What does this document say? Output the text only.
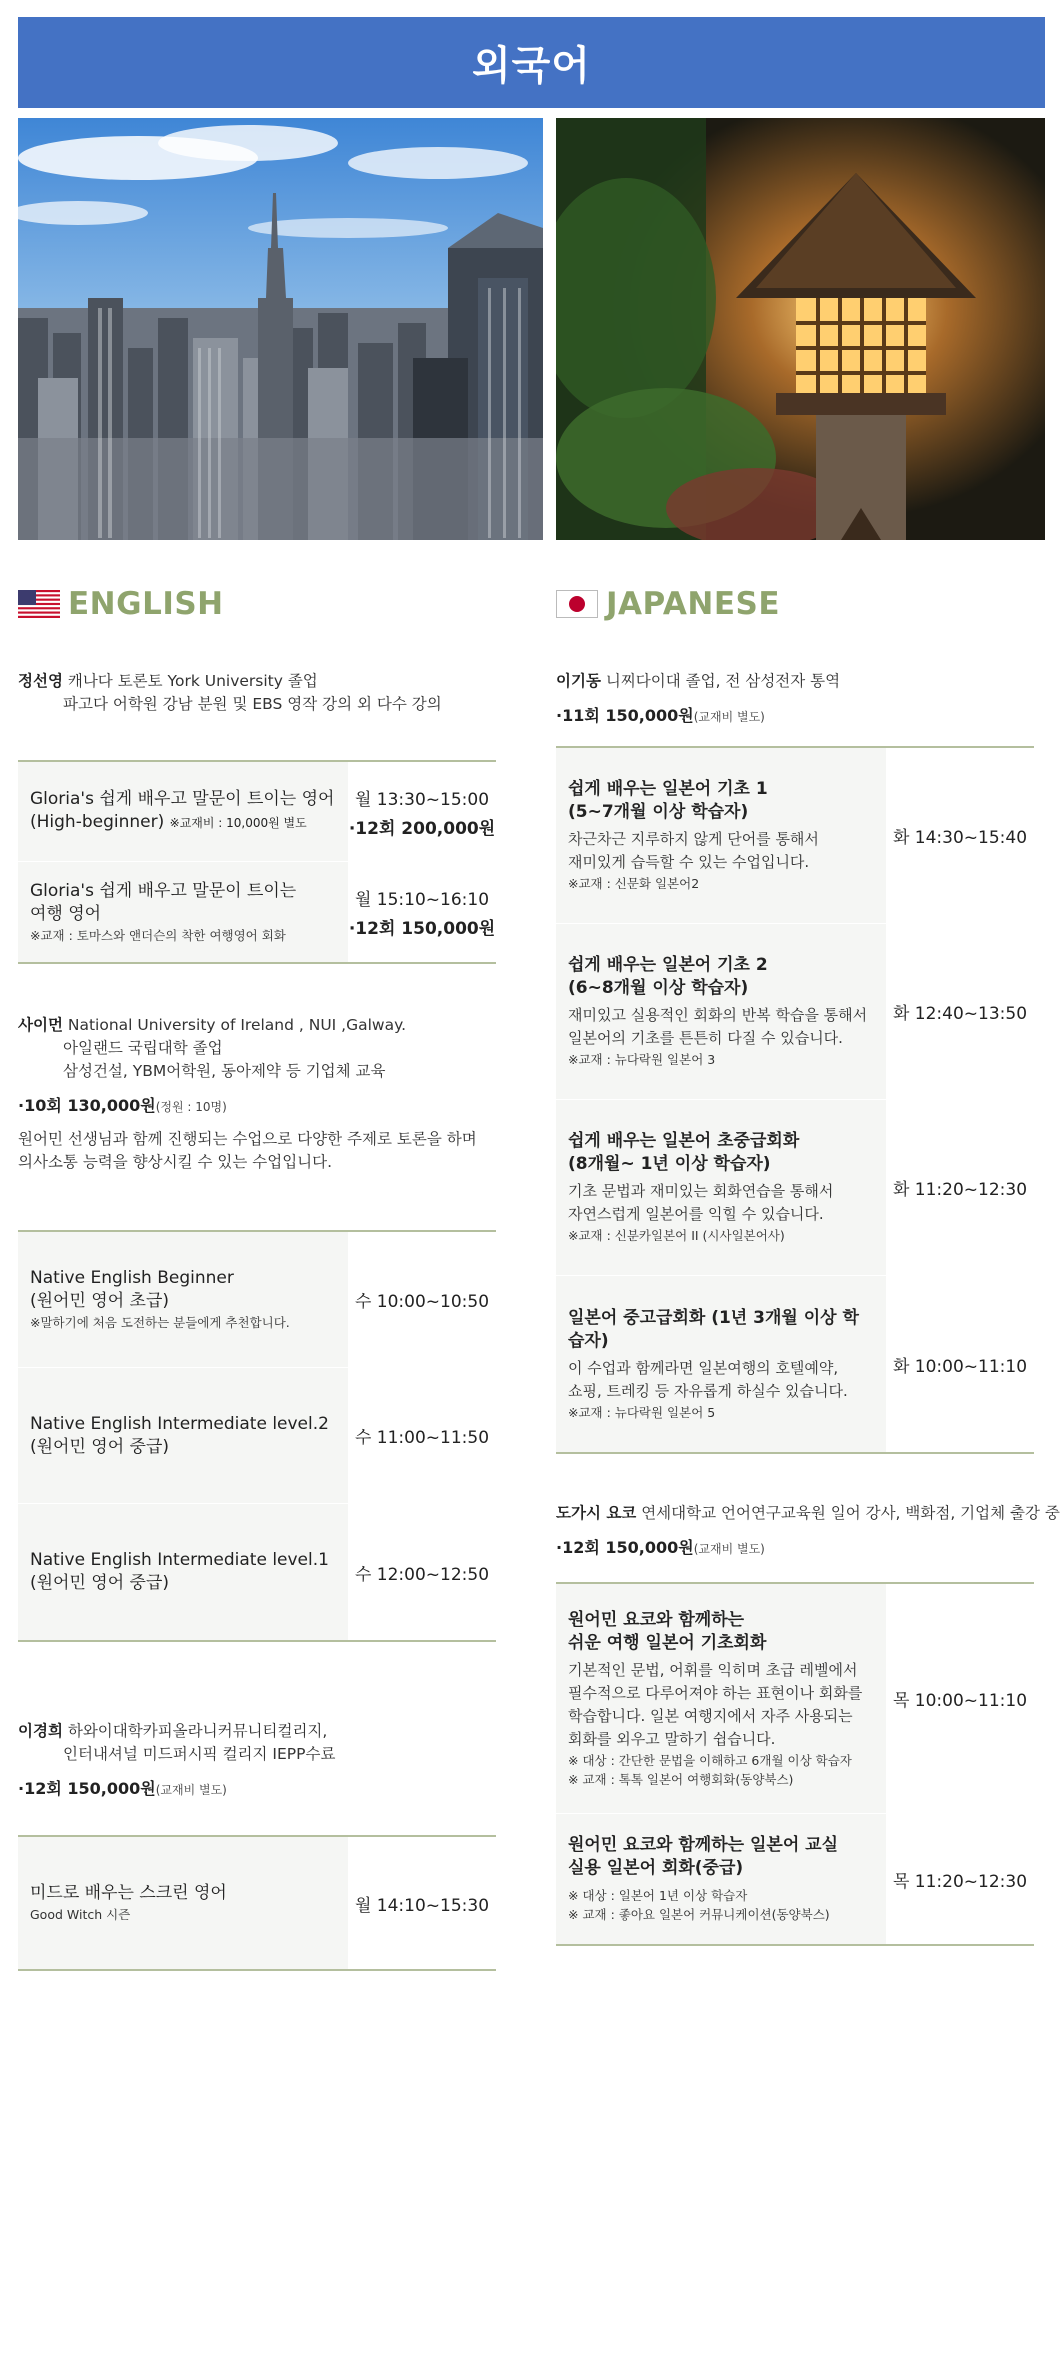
외국어
ENGLISH
정선영 캐나다 토론토 York University 졸업
파고다 어학원 강남 분원 및 EBS 영작 강의 외 다수 강의
Gloria's 쉽게 배우고 말문이 트이는 영어
(High-beginner) ※교재비 : 10,000원 별도
월 13:30~15:00
·12회 200,000원
Gloria's 쉽게 배우고 말문이 트이는
여행 영어
※교재 : 토마스와 앤더슨의 착한 여행영어 회화
월 15:10~16:10
·12회 150,000원
사이먼 National University of Ireland , NUI ,Galway.
아일랜드 국립대학 졸업
삼성건설, YBM어학원, 동아제약 등 기업체 교육
·10회 130,000원(정원 : 10명)
원어민 선생님과 함께 진행되는 수업으로 다양한 주제로 토론을 하며
의사소통 능력을 향상시킬 수 있는 수업입니다.
Native English Beginner
(원어민 영어 초급)
※말하기에 처음 도전하는 분들에게 추천합니다.
수 10:00~10:50
Native English Intermediate level.2
(원어민 영어 중급)	수 11:00~11:50
Native English Intermediate level.1
(원어민 영어 중급)	수 12:00~12:50
이경희 하와이대학카피올라니커뮤니티컬리지,
인터내셔널 미드퍼시픽 컬리지 IEPP수료
·12회 150,000원(교재비 별도)
미드로 배우는 스크린 영어
Good Witch 시즌	월 14:10~15:30
JAPANESE
이기동 니찌다이대 졸업, 전 삼성전자 통역
·11회 150,000원(교재비 별도)
쉽게 배우는 일본어 기초 1
(5~7개월 이상 학습자)
차근차근 지루하지 않게 단어를 통해서
재미있게 습득할 수 있는 수업입니다.
※교재 : 신문화 일본어2
화 14:30~15:40
쉽게 배우는 일본어 기초 2
(6~8개월 이상 학습자)
재미있고 실용적인 회화의 반복 학습을 통해서
일본어의 기초를 튼튼히 다질 수 있습니다.
※교재 : 뉴다락원 일본어 3
화 12:40~13:50
쉽게 배우는 일본어 초중급회화
(8개월~ 1년 이상 학습자)
기초 문법과 재미있는 회화연습을 통해서
자연스럽게 일본어를 익힐 수 있습니다.
※교재 : 신분카일본어 II (시사일본어사)
화 11:20~12:30
일본어 중고급회화 (1년 3개월 이상 학습자)
이 수업과 함께라면 일본여행의 호텔예약,
쇼핑, 트레킹 등 자유롭게 하실수 있습니다.
※교재 : 뉴다락원 일본어 5
화 10:00~11:10
도가시 요코 연세대학교 언어연구교육원 일어 강사, 백화점, 기업체 출강 중
·12회 150,000원(교재비 별도)
원어민 요코와 함께하는
쉬운 여행 일본어 기초회화
기본적인 문법, 어휘를 익히며 초급 레벨에서
필수적으로 다루어져야 하는 표현이나 회화를
학습합니다. 일본 여행지에서 자주 사용되는
회화를 외우고 말하기 쉽습니다.
※ 대상 : 간단한 문법을 이해하고 6개월 이상 학습자
※ 교재 : 톡톡 일본어 여행회화(동양북스)
목 10:00~11:10
원어민 요코와 함께하는 일본어 교실
실용 일본어 회화(중급)
※ 대상 : 일본어 1년 이상 학습자
※ 교재 : 좋아요 일본어 커뮤니케이션(동양북스)
목 11:20~12:30
